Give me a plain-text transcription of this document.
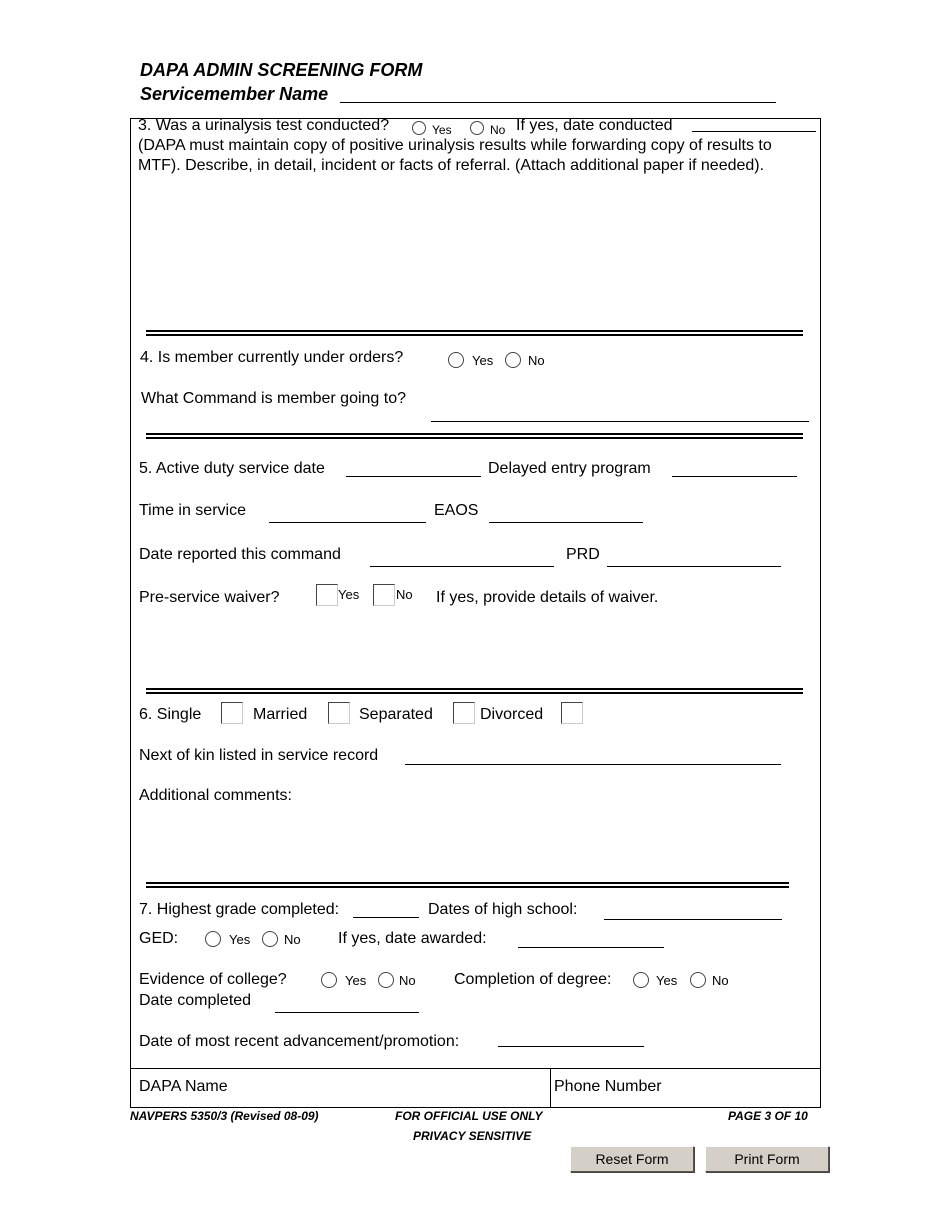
DAPA ADMIN SCREENING FORM
Servicemember Name
3. Was a urinalysis test conducted?	Yes	No If yes, date conducted
(DAPA must maintain copy of positive urinalysis results while forwarding copy of results to
MTF). Describe, in detail, incident or facts of referral. (Attach additional paper if needed).
4. Is member currently under orders?	Yes	No
What Command is member going to?
5. Active duty service date	Delayed entry program
Time in service	EAOS
Date reported this command	PRD
Pre-service waiver?	Yes	No If yes, provide details of waiver.
6. Single	Married	Separated	Divorced
Next of kin listed in service record
Additional comments:
7. Highest grade completed:	Dates of high school:
GED:	Yes	No If yes, date awarded:
Evidence of college?	Yes	No Completion of degree:	Yes	No
Date completed
Date of most recent advancement/promotion:
DAPA Name	Phone Number
NAVPERS 5350/3 (Revised 08-09)	FOR OFFICIAL USE ONLY
PRIVACY SENSITIVE
PAGE 3 OF 10
Reset Form	Print Form
